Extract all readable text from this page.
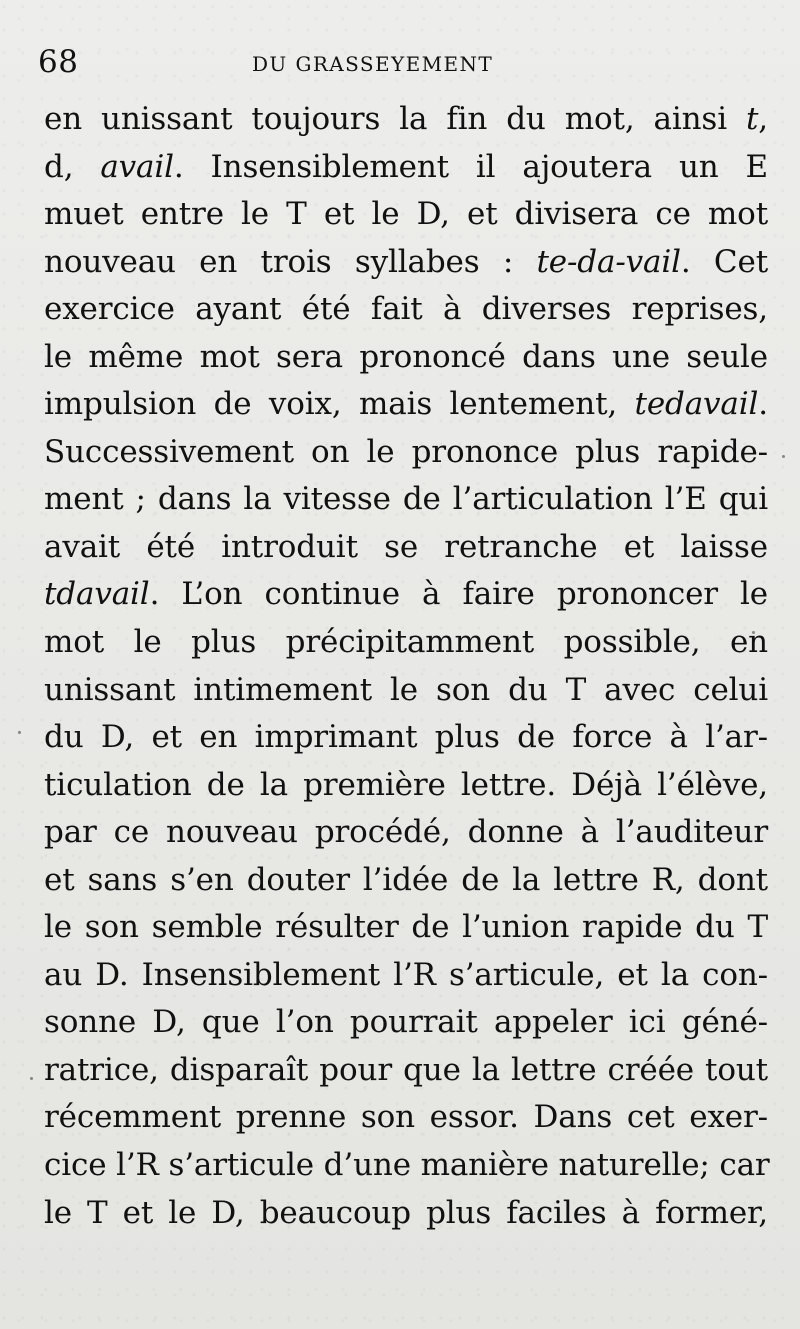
68	DU GRASSEYEMENT
en unissant toujours la fin du mot, ainsi t,
d, avail. Insensiblement il ajoutera un E
muet entre le T et le D, et divisera ce mot
nouveau en trois syllabes : te-da-vail. Cet
exercice ayant été fait à diverses reprises,
le même mot sera prononcé dans une seule
impulsion de voix, mais lentement, tedavail.
Successivement on le prononce plus rapide-
ment ; dans la vitesse de l’articulation l’E qui
avait été introduit se retranche et laisse
tdavail. L’on continue à faire prononcer le
mot le plus précipitamment possible, en
unissant intimement le son du T avec celui
du D, et en imprimant plus de force à l’ar-
ticulation de la première lettre. Déjà l’élève,
par ce nouveau procédé, donne à l’auditeur
et sans s’en douter l’idée de la lettre R, dont
le son semble résulter de l’union rapide du T
au D. Insensiblement l’R s’articule, et la con-
sonne D, que l’on pourrait appeler ici géné-
ratrice, disparaît pour que la lettre créée tout
récemment prenne son essor. Dans cet exer-
cice l’R s’articule d’une manière naturelle; car
le T et le D, beaucoup plus faciles à former,
